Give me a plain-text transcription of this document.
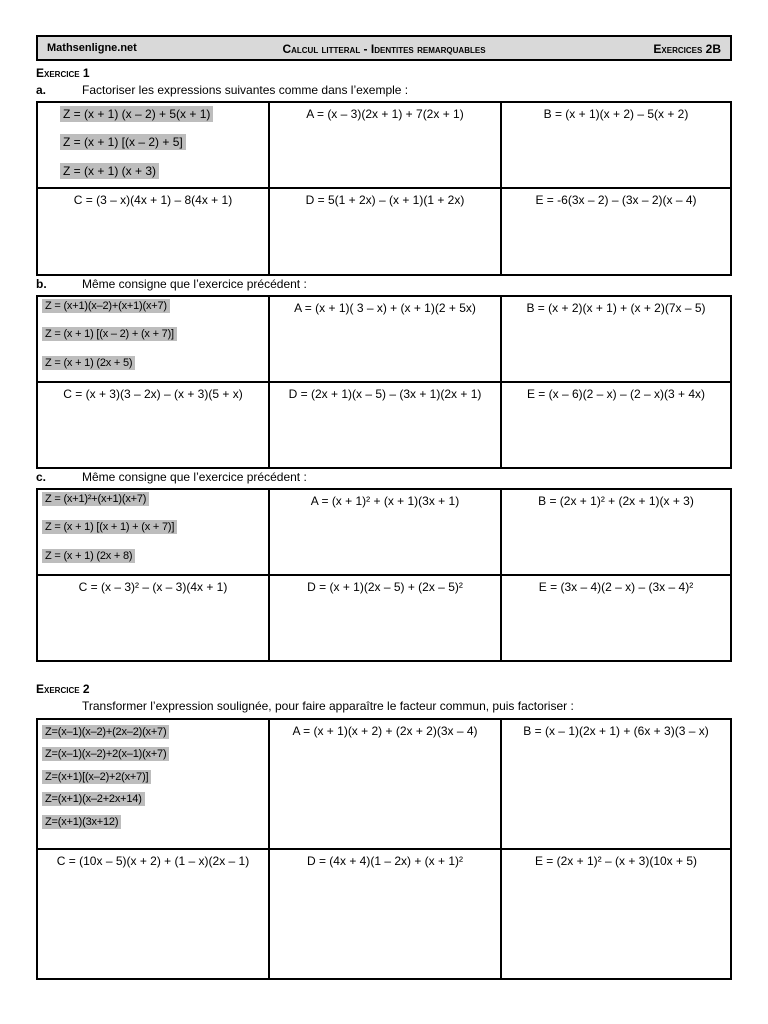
Mathsenligne.net	Calcul litteral - Identites remarquables	Exercices 2B
Exercice 1
a.	Factoriser les expressions suivantes comme dans l’exemple :
Z = (x + 1) (x – 2) + 5(x + 1)
Z = (x + 1) [(x – 2) + 5]
Z = (x + 1) (x + 3)
A = (x – 3)(2x + 1) + 7(2x + 1)	B = (x + 1)(x + 2) – 5(x + 2)
C = (3 – x)(4x + 1) – 8(4x + 1)	D = 5(1 + 2x) – (x + 1)(1 + 2x)	E = -6(3x – 2) – (3x – 2)(x – 4)
b.	Même consigne que l’exercice précédent :
Z = (x+1)(x–2)+(x+1)(x+7)
Z = (x + 1) [(x – 2) + (x + 7)]
Z = (x + 1) (2x + 5)
A = (x + 1)( 3 – x) + (x + 1)(2 + 5x)	B = (x + 2)(x + 1) + (x + 2)(7x – 5)
C = (x + 3)(3 – 2x) – (x + 3)(5 + x)	D = (2x + 1)(x – 5) – (3x + 1)(2x + 1)	E = (x – 6)(2 – x) – (2 – x)(3 + 4x)
c.	Même consigne que l’exercice précédent :
Z = (x+1)²+(x+1)(x+7)
Z = (x + 1) [(x + 1) + (x + 7)]
Z = (x + 1) (2x + 8)
A = (x + 1)² + (x + 1)(3x + 1)	B = (2x + 1)² + (2x + 1)(x + 3)
C = (x – 3)² – (x – 3)(4x + 1)	D = (x + 1)(2x – 5) + (2x – 5)²	E = (3x – 4)(2 – x) – (3x – 4)²
Exercice 2
Transformer l’expression soulignée, pour faire apparaître le facteur commun, puis factoriser :
Z=(x–1)(x–2)+(2x–2)(x+7)
Z=(x–1)(x–2)+2(x–1)(x+7)
Z=(x+1)[(x–2)+2(x+7)]
Z=(x+1)(x–2+2x+14)
Z=(x+1)(3x+12)
A = (x + 1)(x + 2) + (2x + 2)(3x – 4)	B = (x – 1)(2x + 1) + (6x + 3)(3 – x)
C = (10x – 5)(x + 2) + (1 – x)(2x – 1)	D = (4x + 4)(1 – 2x) + (x + 1)²	E = (2x + 1)² – (x + 3)(10x + 5)
